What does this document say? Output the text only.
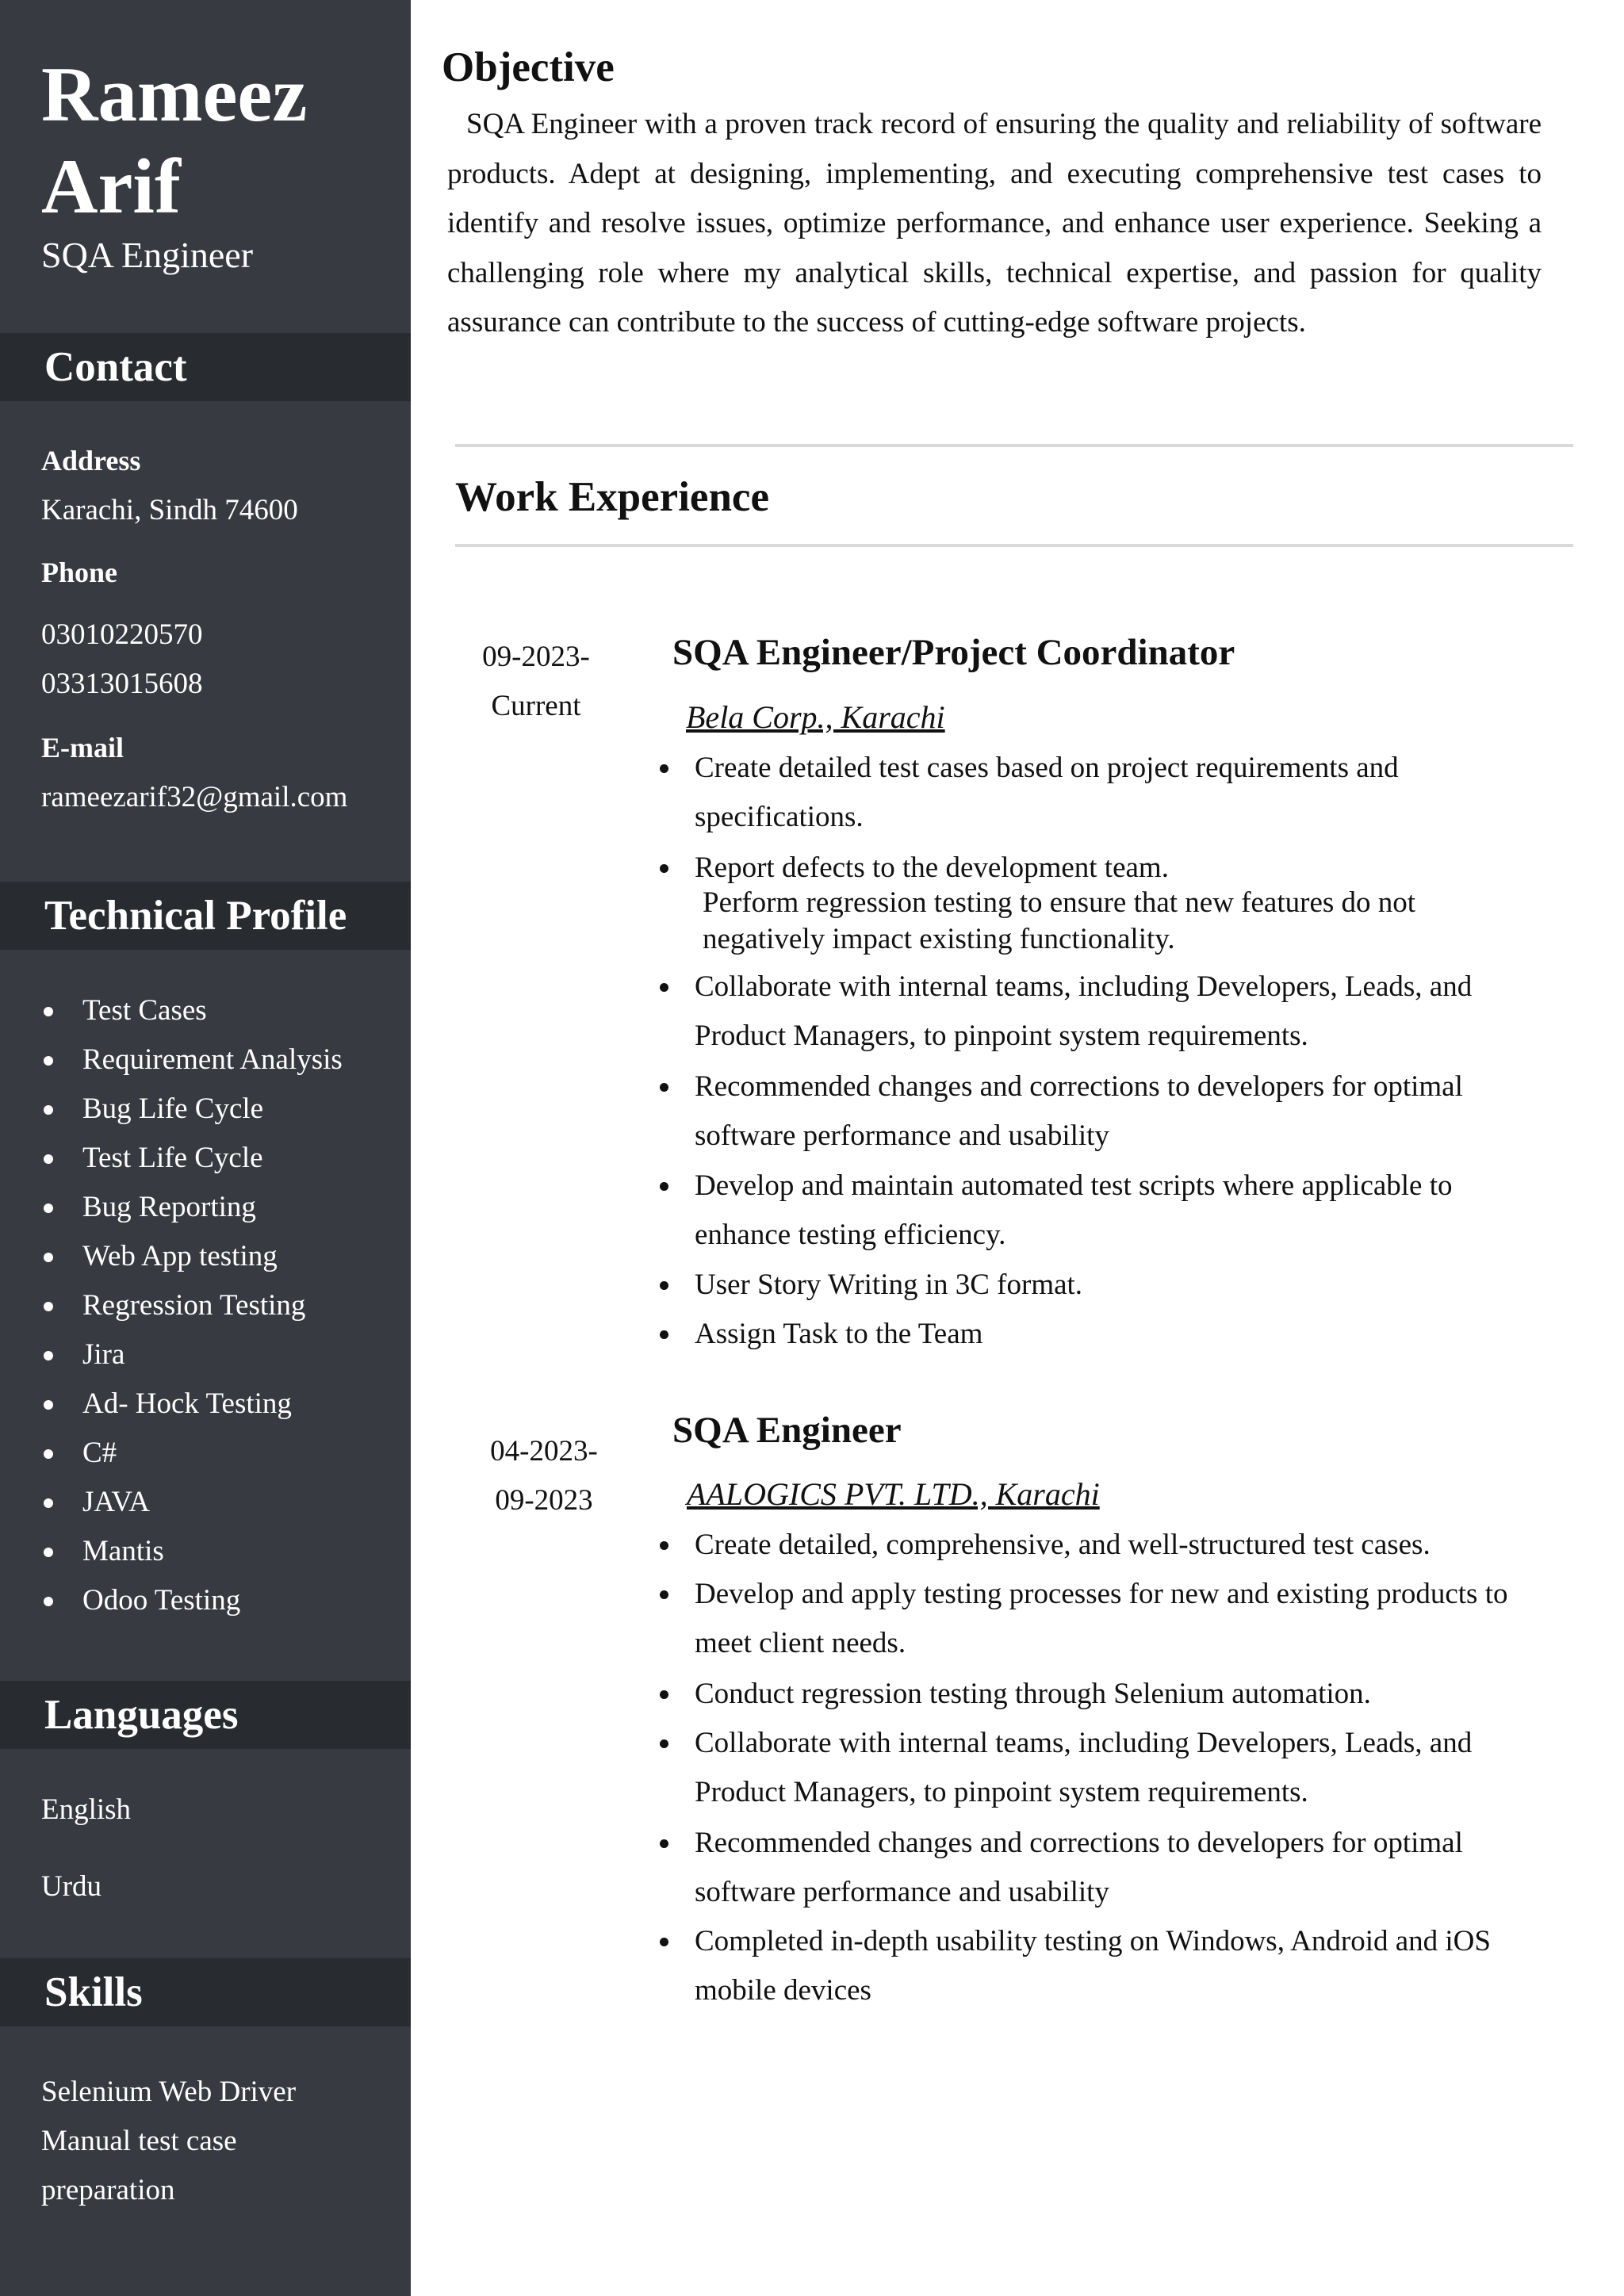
Rameez
Arif
SQA Engineer
Contact
Address
Karachi, Sindh 74600
Phone
03010220570
03313015608
E-mail
rameezarif32@gmail.com
Technical Profile
Test Cases
Requirement Analysis
Bug Life Cycle
Test Life Cycle
Bug Reporting
Web App testing
Regression Testing
Jira
Ad- Hock Testing
C#
JAVA
Mantis
Odoo Testing
Languages
English
Urdu
Skills
Selenium Web Driver
Manual test case
preparation
Objective
SQA Engineer with a proven track record of ensuring the quality and reliability of software products. Adept at designing, implementing, and executing comprehensive test cases to identify and resolve issues, optimize performance, and enhance user experience. Seeking a challenging role where my analytical skills, technical expertise, and passion for quality assurance can contribute to the success of cutting-edge software projects.
Work Experience
09-2023-
Current
SQA Engineer/Project Coordinator
Bela Corp., Karachi
Create detailed test cases based on project requirements and specifications.
Report defects to the development team.
Perform regression testing to ensure that new features do not negatively impact existing functionality.
Collaborate with internal teams, including Developers, Leads, and Product Managers, to pinpoint system requirements.
Recommended changes and corrections to developers for optimal software performance and usability
Develop and maintain automated test scripts where applicable to enhance testing efficiency.
User Story Writing in 3C format.
Assign Task to the Team
04-2023-
09-2023
SQA Engineer
AALOGICS PVT. LTD., Karachi
Create detailed, comprehensive, and well-structured test cases.
Develop and apply testing processes for new and existing products to meet client needs.
Conduct regression testing through Selenium automation.
Collaborate with internal teams, including Developers, Leads, and Product Managers, to pinpoint system requirements.
Recommended changes and corrections to developers for optimal software performance and usability
Completed in-depth usability testing on Windows, Android and iOS mobile devices
